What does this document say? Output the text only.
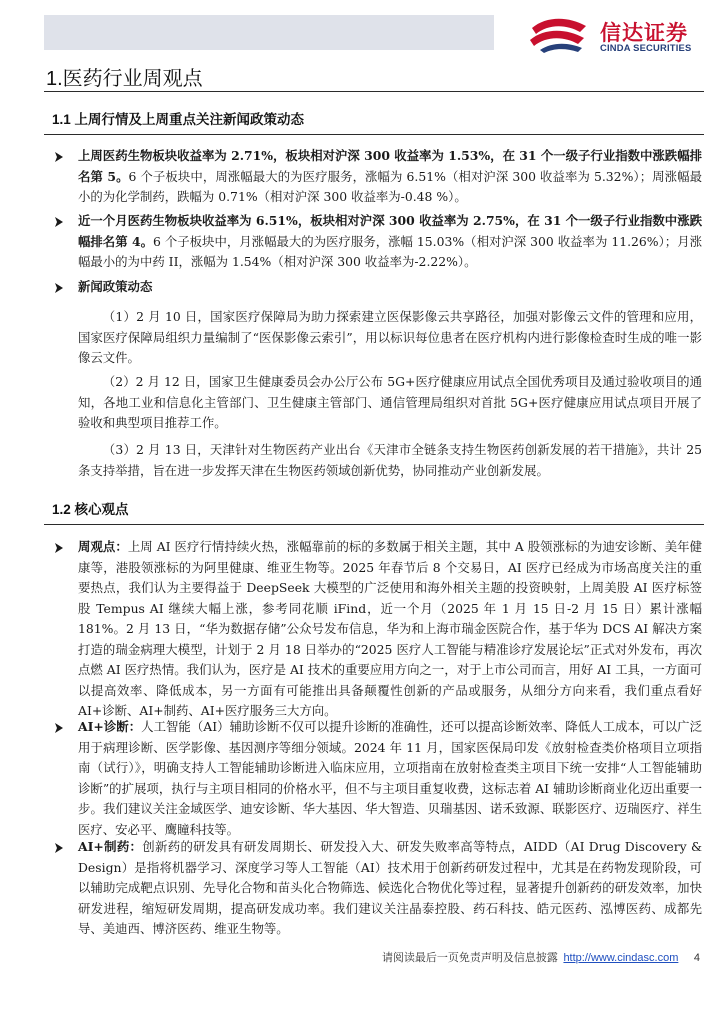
信达证券
CINDA SECURITIES
1.医药行业周观点
1.1 上周行情及上周重点关注新闻政策动态
上周医药生物板块收益率为 2.71%，板块相对沪深 300 收益率为 1.53%，在 31 个一级子行业指数中涨跌幅排名第 5。6 个子板块中，周涨幅最大的为医疗服务，涨幅为 6.51%（相对沪深 300 收益率为 5.32%）；周涨幅最小的为化学制药，跌幅为 0.71%（相对沪深 300 收益率为-0.48 %）。
近一个月医药生物板块收益率为 6.51%，板块相对沪深 300 收益率为 2.75%，在 31 个一级子行业指数中涨跌幅排名第 4。6 个子板块中，月涨幅最大的为医疗服务，涨幅 15.03%（相对沪深 300 收益率为 11.26%）；月涨幅最小的为中药 II，涨幅为 1.54%（相对沪深 300 收益率为-2.22%）。
新闻政策动态
（1）2 月 10 日，国家医疗保障局为助力探索建立医保影像云共享路径，加强对影像云文件的管理和应用，国家医疗保障局组织力量编制了“医保影像云索引”，用以标识每位患者在医疗机构内进行影像检查时生成的唯一影像云文件。
（2）2 月 12 日，国家卫生健康委员会办公厅公布 5G+医疗健康应用试点全国优秀项目及通过验收项目的通知，各地工业和信息化主管部门、卫生健康主管部门、通信管理局组织对首批 5G+医疗健康应用试点项目开展了验收和典型项目推荐工作。
（3）2 月 13 日，天津针对生物医药产业出台《天津市全链条支持生物医药创新发展的若干措施》，共计 25 条支持举措，旨在进一步发挥天津在生物医药领域创新优势，协同推动产业创新发展。
1.2 核心观点
周观点：上周 AI 医疗行情持续火热，涨幅靠前的标的多数属于相关主题，其中 A 股领涨标的为迪安诊断、美年健康等，港股领涨标的为阿里健康、维亚生物等。2025 年春节后 8 个交易日，AI 医疗已经成为市场高度关注的重要热点，我们认为主要得益于 DeepSeek 大模型的广泛使用和海外相关主题的投资映射，上周美股 AI 医疗标签股 Tempus AI 继续大幅上涨，参考同花顺 iFind，近一个月（2025 年 1 月 15 日-2 月 15 日）累计涨幅 181%。2 月 13 日，“华为数据存储”公众号发布信息，华为和上海市瑞金医院合作，基于华为 DCS AI 解决方案打造的瑞金病理大模型，计划于 2 月 18 日举办的“2025 医疗人工智能与精准诊疗发展论坛”正式对外发布，再次点燃 AI 医疗热情。我们认为，医疗是 AI 技术的重要应用方向之一，对于上市公司而言，用好 AI 工具，一方面可以提高效率、降低成本，另一方面有可能推出具备颠覆性创新的产品或服务，从细分方向来看，我们重点看好 AI+诊断、AI+制药、AI+医疗服务三大方向。
AI+诊断：人工智能（AI）辅助诊断不仅可以提升诊断的准确性，还可以提高诊断效率、降低人工成本，可以广泛用于病理诊断、医学影像、基因测序等细分领域。2024 年 11 月，国家医保局印发《放射检查类价格项目立项指南（试行）》，明确支持人工智能辅助诊断进入临床应用，立项指南在放射检查类主项目下统一安排“人工智能辅助诊断”的扩展项，执行与主项目相同的价格水平，但不与主项目重复收费，这标志着 AI 辅助诊断商业化迈出重要一步。我们建议关注金域医学、迪安诊断、华大基因、华大智造、贝瑞基因、诺禾致源、联影医疗、迈瑞医疗、祥生医疗、安必平、鹰瞳科技等。
AI+制药：创新药的研发具有研发周期长、研发投入大、研发失败率高等特点，AIDD（AI Drug Discovery & Design）是指将机器学习、深度学习等人工智能（AI）技术用于创新药研发过程中，尤其是在药物发现阶段，可以辅助完成靶点识别、先导化合物和苗头化合物筛选、候选化合物优化等过程，显著提升创新药的研发效率，加快研发进程，缩短研发周期，提高研发成功率。我们建议关注晶泰控股、药石科技、皓元医药、泓博医药、成都先导、美迪西、博济医药、维亚生物等。
请阅读最后一页免责声明及信息披露 http://www.cindasc.com 4
